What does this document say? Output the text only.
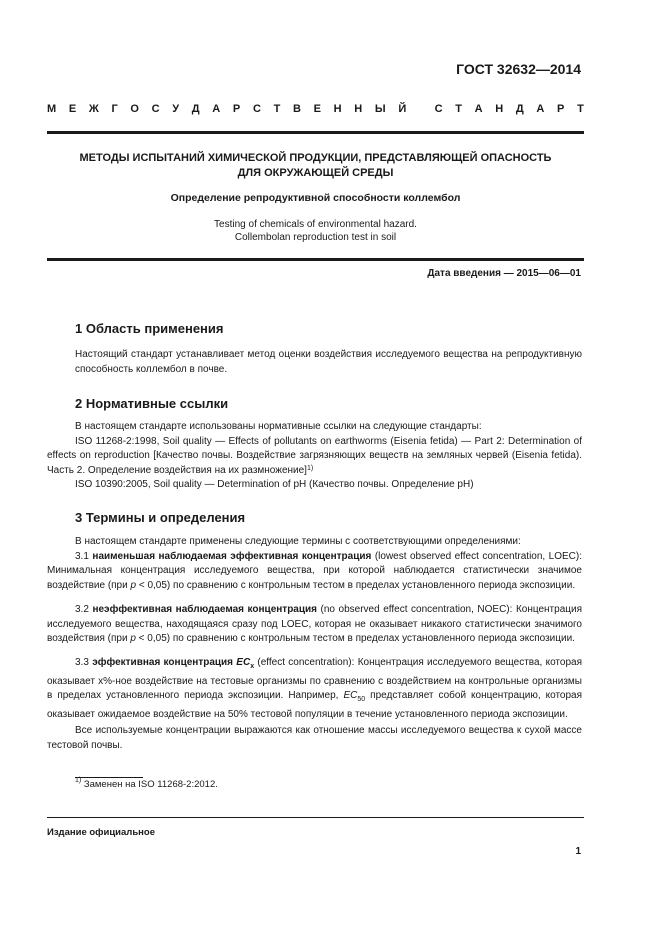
ГОСТ 32632—2014
М Е Ж Г О С У Д А Р С Т В Е Н Н Ы Й
	С Т А Н Д А Р Т
МЕТОДЫ ИСПЫТАНИЙ ХИМИЧЕСКОЙ ПРОДУКЦИИ, ПРЕДСТАВЛЯЮЩЕЙ ОПАСНОСТЬ
ДЛЯ ОКРУЖАЮЩЕЙ СРЕДЫ
Определение репродуктивной способности коллембол
Testing of chemicals of environmental hazard.
Collembolan reproduction test in soil
Дата введения — 2015—06—01
1 Область применения

Настоящий стандарт устанавливает метод оценки воздействия исследуемого вещества на репродуктивную способность коллембол в почве.

2 Нормативные ссылки

В настоящем стандарте использованы нормативные ссылки на следующие стандарты:

ISO 11268-2:1998, Soil quality — Effects of pollutants on earthworms (Eisenia fetida) — Part 2: Determination of effects on reproduction [Качество почвы. Воздействие загрязняющих веществ на земляных червей (Eisenia fetida). Часть 2. Определение воздействия на их размножение]$^{1)}$

ISO 10390:2005, Soil quality — Determination of pH (Качество почвы. Определение pH)

3 Термины и определения

В настоящем стандарте применены следующие термины с соответствующими определениями:

3.1 наименьшая наблюдаемая эффективная концентрация (lowest observed effect concentration, LOEC): Минимальная концентрация исследуемого вещества, при которой наблюдается статистически значимое воздействие (при p < 0,05) по сравнению с контрольным тестом в пределах установленного периода экспозиции.

3.2 неэффективная наблюдаемая концентрация (no observed effect concentration, NOEC): Концентрация исследуемого вещества, находящаяся сразу под LOEC, которая не оказывает никакого статистически значимого воздействия (при p < 0,05) по сравнению с контрольным тестом в пределах установленного периода экспозиции.

3.3 эффективная концентрация $EC_x$ (effect concentration): Концентрация исследуемого вещества, которая оказывает x%-ное воздействие на тестовые организмы по сравнению с воздействием на контрольные организмы в пределах установленного периода экспозиции. Например, $EC_{50}$ представляет собой концентрацию, которая оказывает ожидаемое воздействие на 50% тестовой популяции в течение установленного периода экспозиции.

Все используемые концентрации выражаются как отношение массы исследуемого вещества к сухой массе тестовой почвы.

$^{1)}$ Заменен на ISO 11268-2:2012.
Издание официальное
1
